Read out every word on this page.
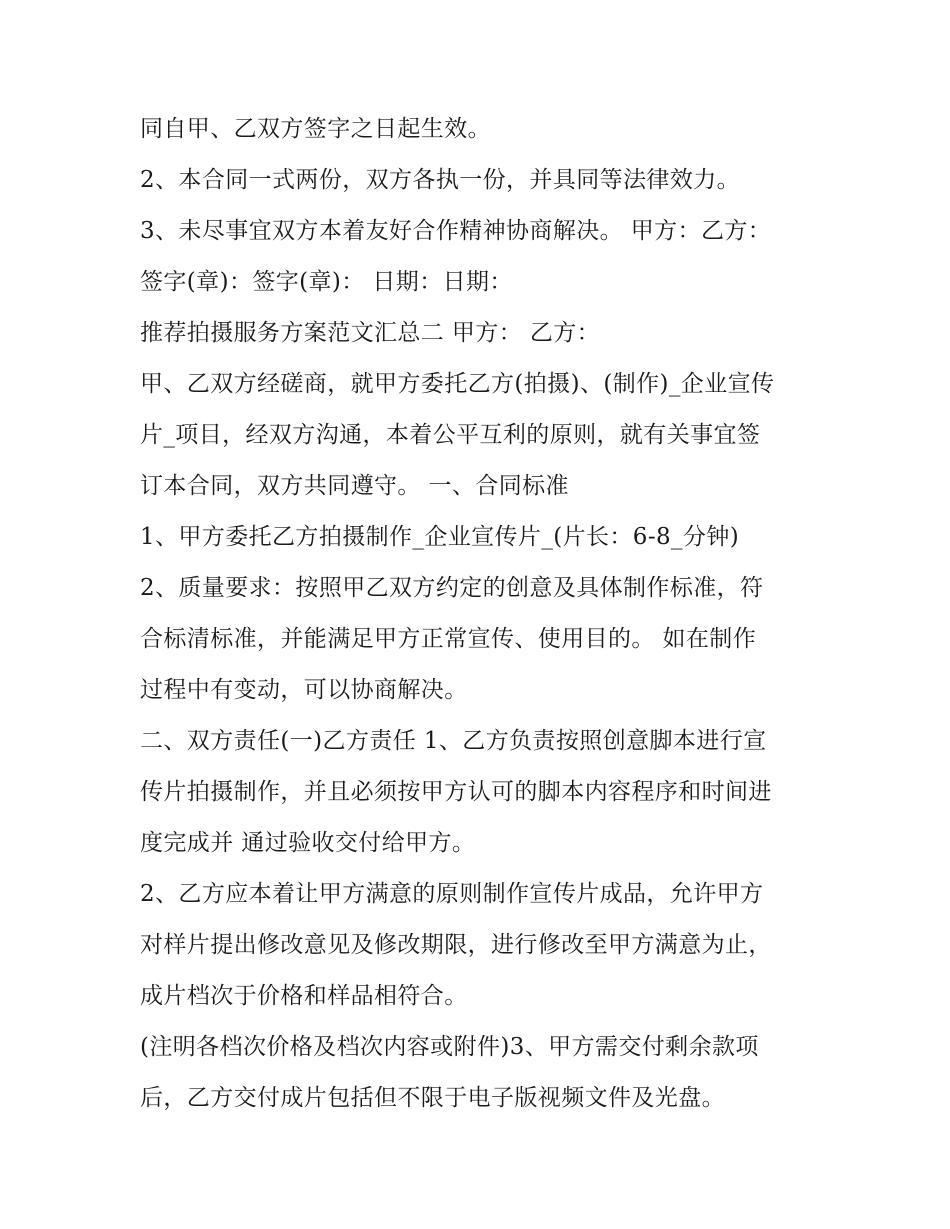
同自甲、乙双方签字之日起生效。
2、本合同一式两份，双方各执一份，并具同等法律效力。
3、未尽事宜双方本着友好合作精神协商解决。 甲方：乙方：
签字(章)：签字(章)： 日期：日期：
推荐拍摄服务方案范文汇总二 甲方： 乙方：
甲、乙双方经磋商，就甲方委托乙方(拍摄)、(制作)_企业宣传
片_项目，经双方沟通，本着公平互利的原则，就有关事宜签
订本合同，双方共同遵守。 一、合同标准
1、甲方委托乙方拍摄制作_企业宣传片_(片长：6-8_分钟)
2、质量要求：按照甲乙双方约定的创意及具体制作标准，符
合标清标准，并能满足甲方正常宣传、使用目的。 如在制作
过程中有变动，可以协商解决。
二、双方责任(一)乙方责任 1、乙方负责按照创意脚本进行宣
传片拍摄制作，并且必须按甲方认可的脚本内容程序和时间进
度完成并 通过验收交付给甲方。
2、乙方应本着让甲方满意的原则制作宣传片成品，允许甲方
对样片提出修改意见及修改期限，进行修改至甲方满意为止，
成片档次于价格和样品相符合。
(注明各档次价格及档次内容或附件)3、甲方需交付剩余款项
后，乙方交付成片包括但不限于电子版视频文件及光盘。
